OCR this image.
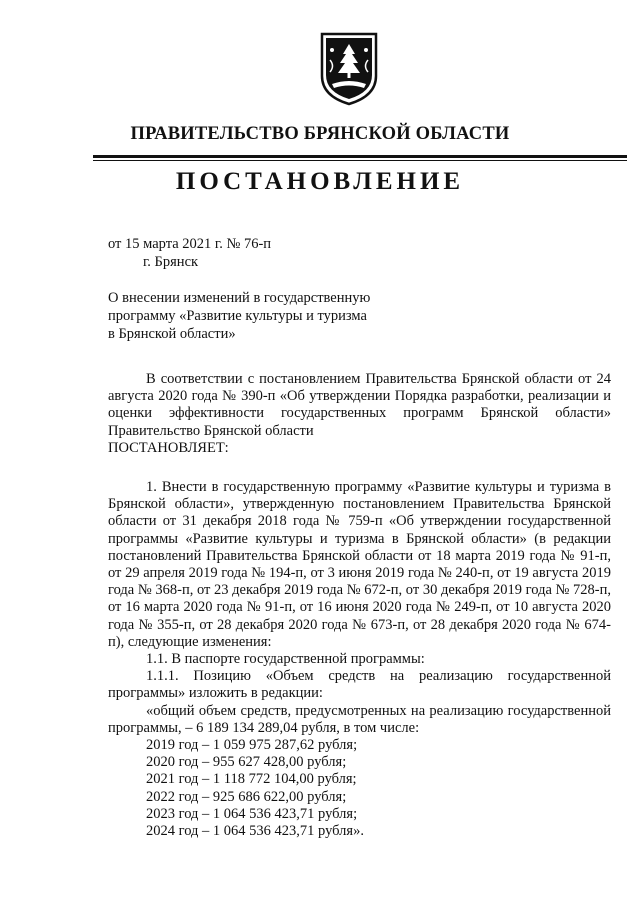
ПРАВИТЕЛЬСТВО БРЯНСКОЙ ОБЛАСТИ
ПОСТАНОВЛЕНИЕ
от 15 марта 2021 г. № 76-п
г. Брянск
О внесении изменений в государственную
программу «Развитие культуры и туризма
в Брянской области»

В соответствии с постановлением Правительства Брянской области от 24 августа 2020 года № 390-п «Об утверждении Порядка разработки, реализации и оценки эффективности государственных программ Брянской области» Правительство Брянской области

ПОСТАНОВЛЯЕТ:

1. Внести в государственную программу «Развитие культуры и туризма в Брянской области», утвержденную постановлением Правительства Брянской области от 31 декабря 2018 года № 759-п «Об утверждении государственной программы «Развитие культуры и туризма в Брянской области» (в редакции постановлений Правительства Брянской области от 18 марта 2019 года № 91-п, от 29 апреля 2019 года № 194-п, от 3 июня 2019 года № 240-п, от 19 августа 2019 года № 368-п, от 23 декабря 2019 года № 672-п, от 30 декабря 2019 года № 728-п, от 16 марта 2020 года № 91-п, от 16 июня 2020 года № 249-п, от 10 августа 2020 года № 355-п, от 28 декабря 2020 года № 673-п, от 28 декабря 2020 года № 674-п), следующие изменения:

1.1. В паспорте государственной программы:

1.1.1. Позицию «Объем средств на реализацию государственной программы» изложить в редакции:

«общий объем средств, предусмотренных на реализацию государственной программы, – 6 189 134 289,04 рубля, в том числе:

2019 год – 1 059 975 287,62 рубля;
2020 год – 955 627 428,00 рубля;
2021 год – 1 118 772 104,00 рубля;
2022 год – 925 686 622,00 рубля;
2023 год – 1 064 536 423,71 рубля;
2024 год – 1 064 536 423,71 рубля».
